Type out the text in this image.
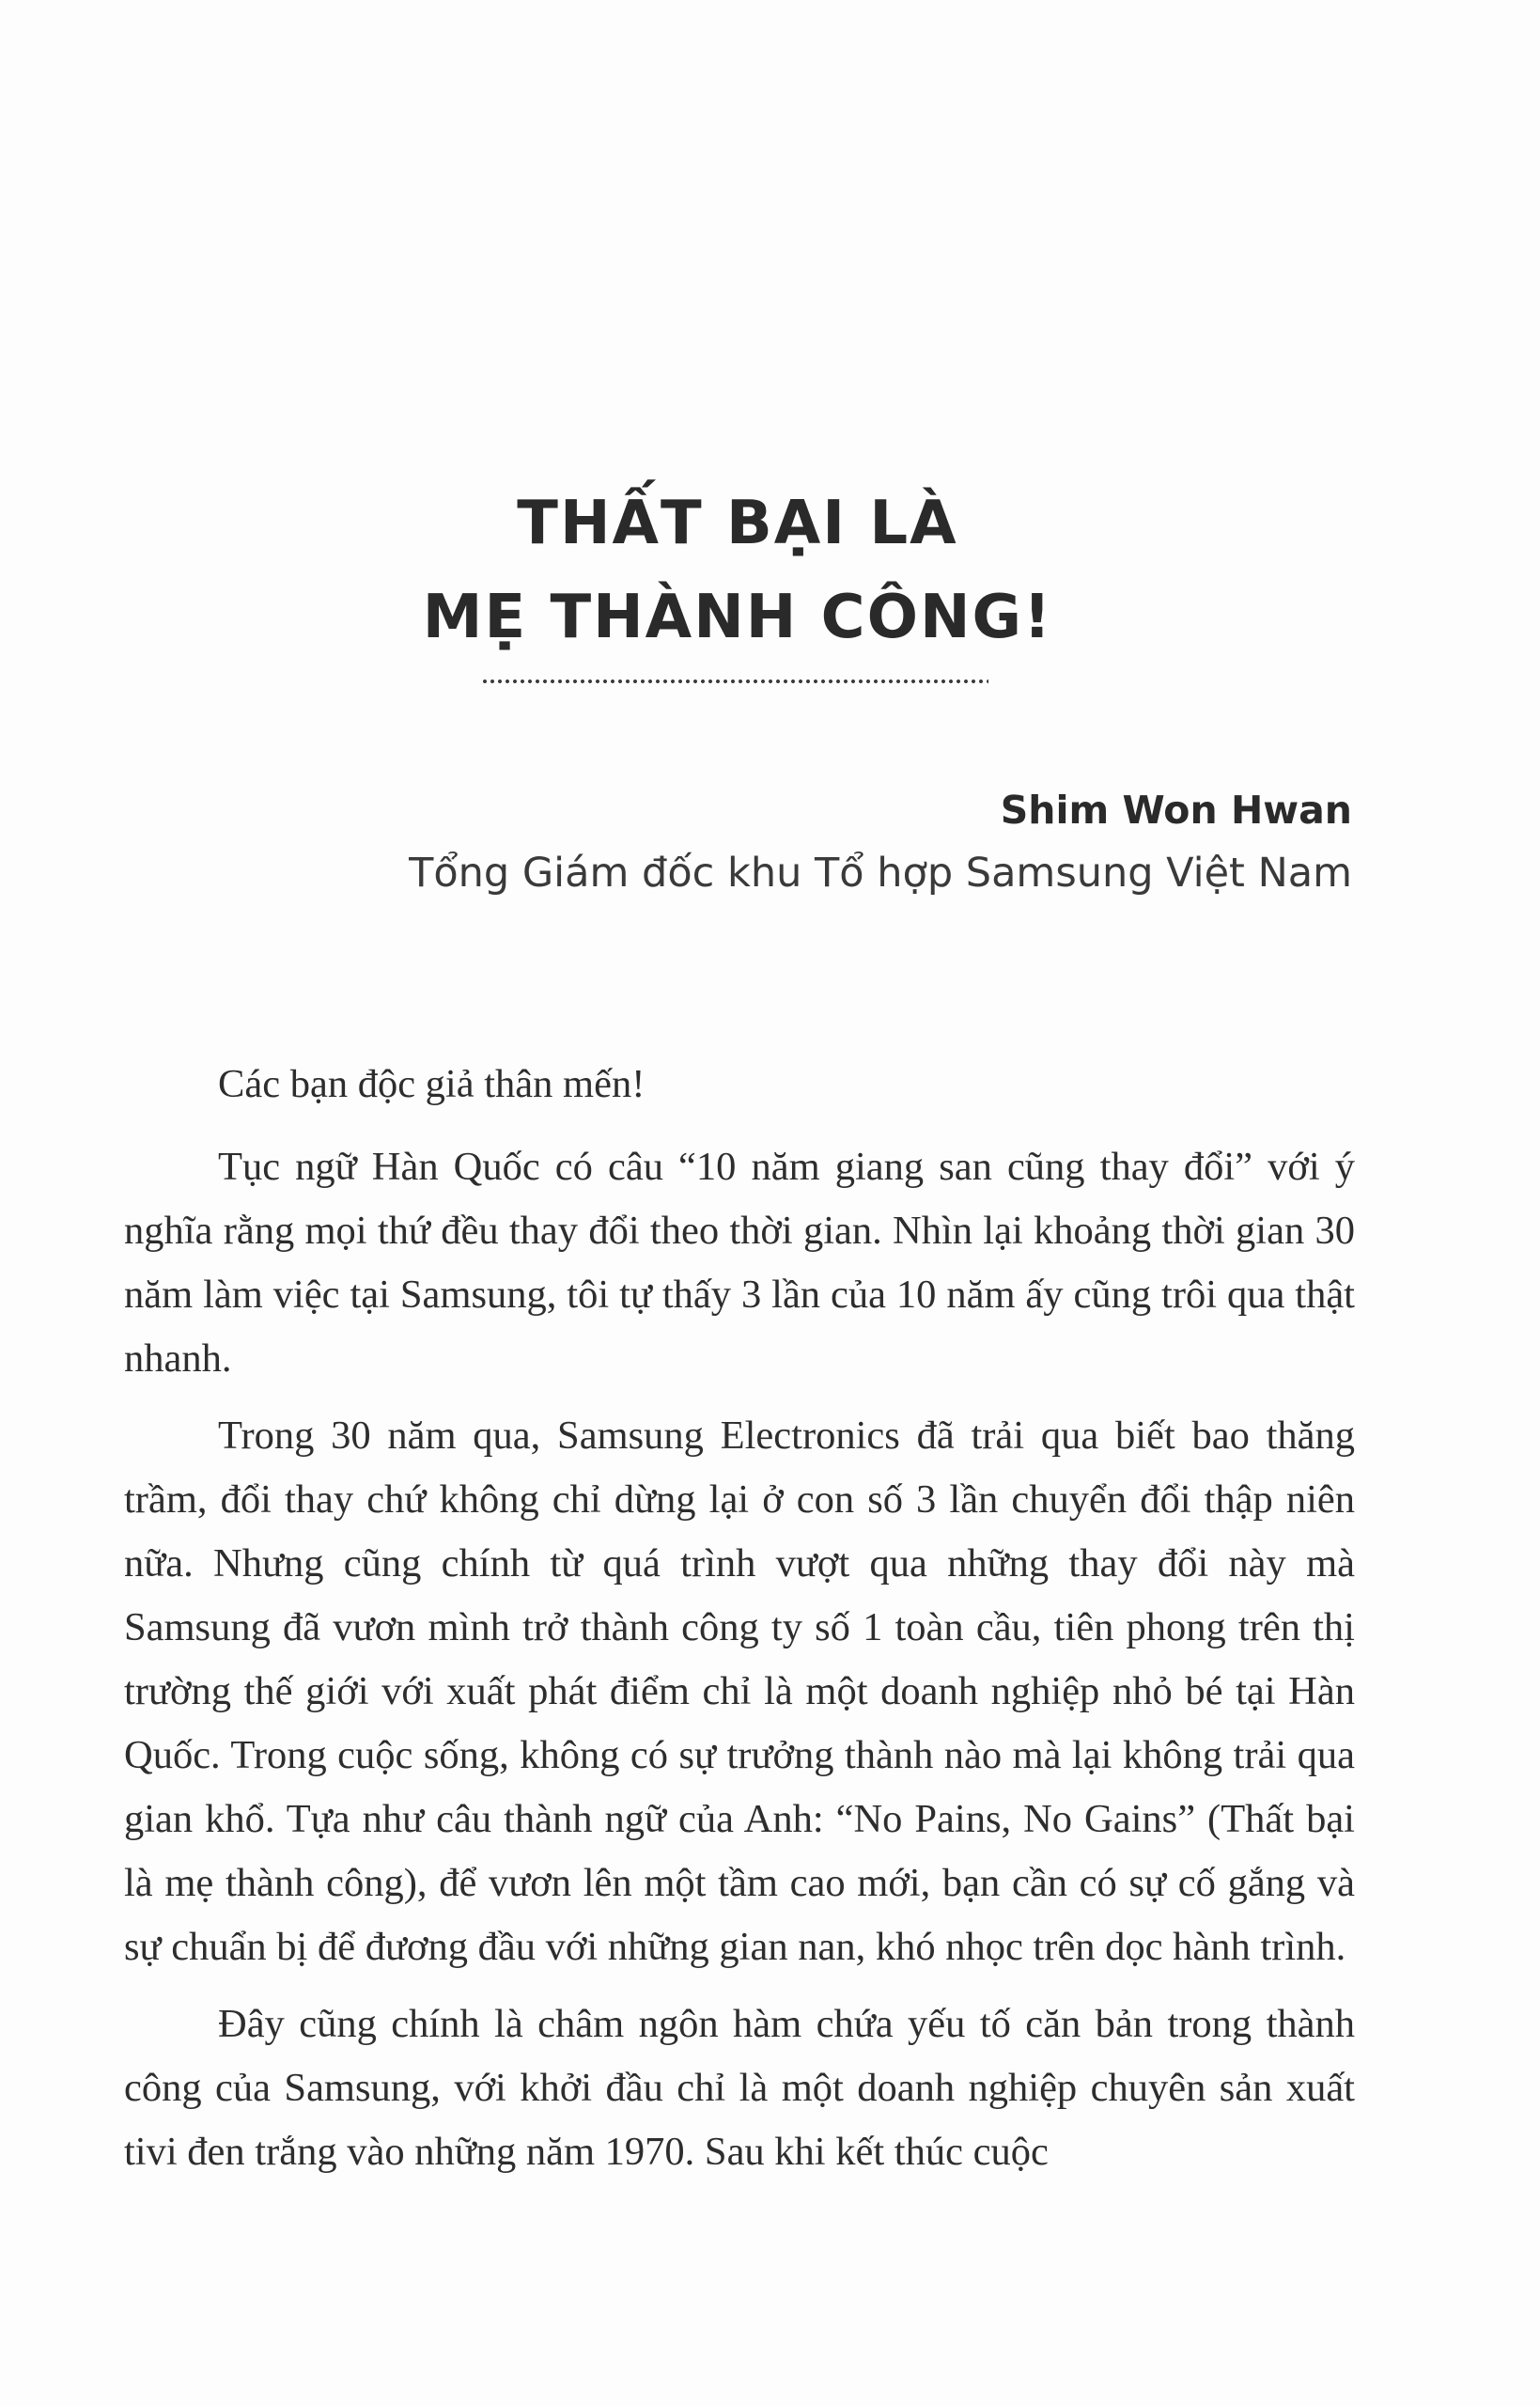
THẤT BẠI LÀ
MẸ THÀNH CÔNG!
Shim Won Hwan
Tổng Giám đốc khu Tổ hợp Samsung Việt Nam

Các bạn độc giả thân mến!

Tục ngữ Hàn Quốc có câu “10 năm giang san cũng thay đổi” với ý nghĩa rằng mọi thứ đều thay đổi theo thời gian. Nhìn lại khoảng thời gian 30 năm làm việc tại Samsung, tôi tự thấy 3 lần của 10 năm ấy cũng trôi qua thật nhanh.

Trong 30 năm qua, Samsung Electronics đã trải qua biết bao thăng trầm, đổi thay chứ không chỉ dừng lại ở con số 3 lần chuyển đổi thập niên nữa. Nhưng cũng chính từ quá trình vượt qua những thay đổi này mà Samsung đã vươn mình trở thành công ty số 1 toàn cầu, tiên phong trên thị trường thế giới với xuất phát điểm chỉ là một doanh nghiệp nhỏ bé tại Hàn Quốc. Trong cuộc sống, không có sự trưởng thành nào mà lại không trải qua gian khổ. Tựa như câu thành ngữ của Anh: “No Pains, No Gains” (Thất bại là mẹ thành công), để vươn lên một tầm cao mới, bạn cần có sự cố gắng và sự chuẩn bị để đương đầu với những gian nan, khó nhọc trên dọc hành trình.

Đây cũng chính là châm ngôn hàm chứa yếu tố căn bản trong thành công của Samsung, với khởi đầu chỉ là một doanh nghiệp chuyên sản xuất tivi đen trắng vào những năm 1970. Sau khi kết thúc cuộc
